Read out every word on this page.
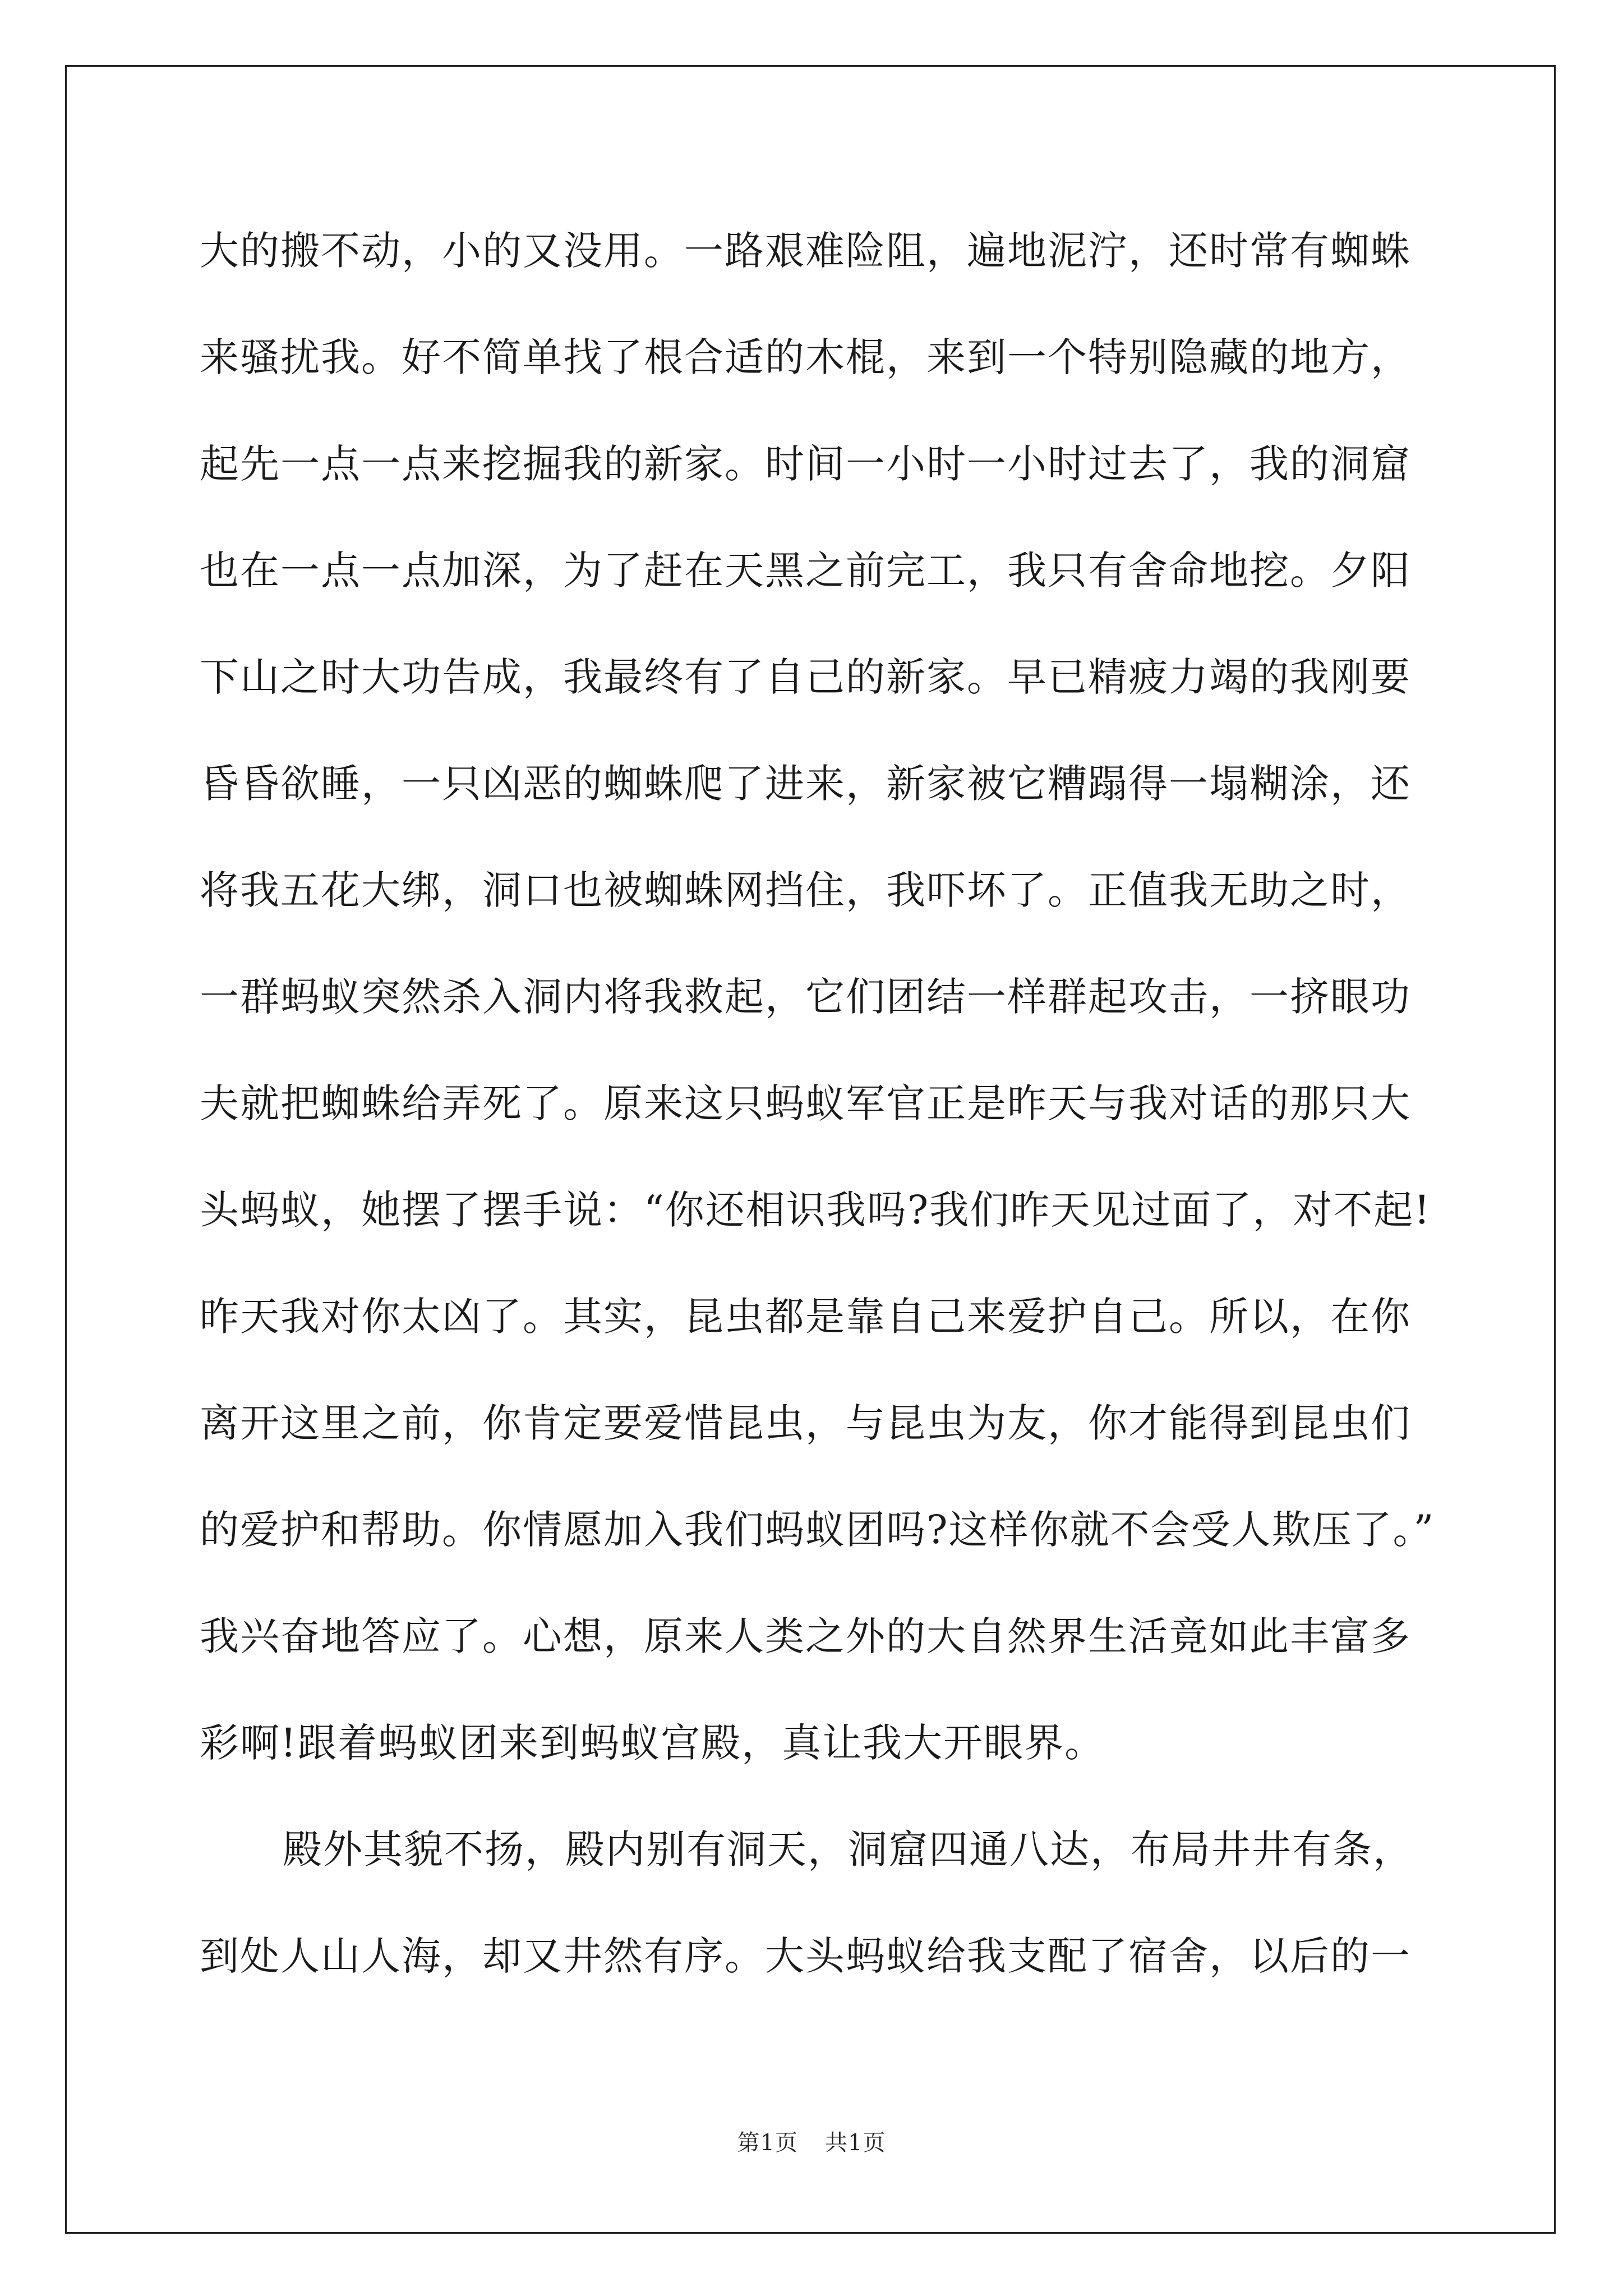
大的搬不动，小的又没用。一路艰难险阻，遍地泥泞，还时常有蜘蛛
来骚扰我。好不简单找了根合适的木棍，来到一个特别隐藏的地方，
起先一点一点来挖掘我的新家。时间一小时一小时过去了，我的洞窟
也在一点一点加深，为了赶在天黑之前完工，我只有舍命地挖。夕阳
下山之时大功告成，我最终有了自己的新家。早已精疲力竭的我刚要
昏昏欲睡，一只凶恶的蜘蛛爬了进来，新家被它糟蹋得一塌糊涂，还
将我五花大绑，洞口也被蜘蛛网挡住，我吓坏了。正值我无助之时，
一群蚂蚁突然杀入洞内将我救起，它们团结一样群起攻击，一挤眼功
夫就把蜘蛛给弄死了。原来这只蚂蚁军官正是昨天与我对话的那只大
头蚂蚁，她摆了摆手说：“你还相识我吗?我们昨天见过面了，对不起!
昨天我对你太凶了。其实，昆虫都是靠自己来爱护自己。所以，在你
离开这里之前，你肯定要爱惜昆虫，与昆虫为友，你才能得到昆虫们
的爱护和帮助。你情愿加入我们蚂蚁团吗?这样你就不会受人欺压了。”
我兴奋地答应了。心想，原来人类之外的大自然界生活竟如此丰富多
彩啊!跟着蚂蚁团来到蚂蚁宫殿，真让我大开眼界。
殿外其貌不扬，殿内别有洞天，洞窟四通八达，布局井井有条，
到处人山人海，却又井然有序。大头蚂蚁给我支配了宿舍，以后的一
第1页 共1页
